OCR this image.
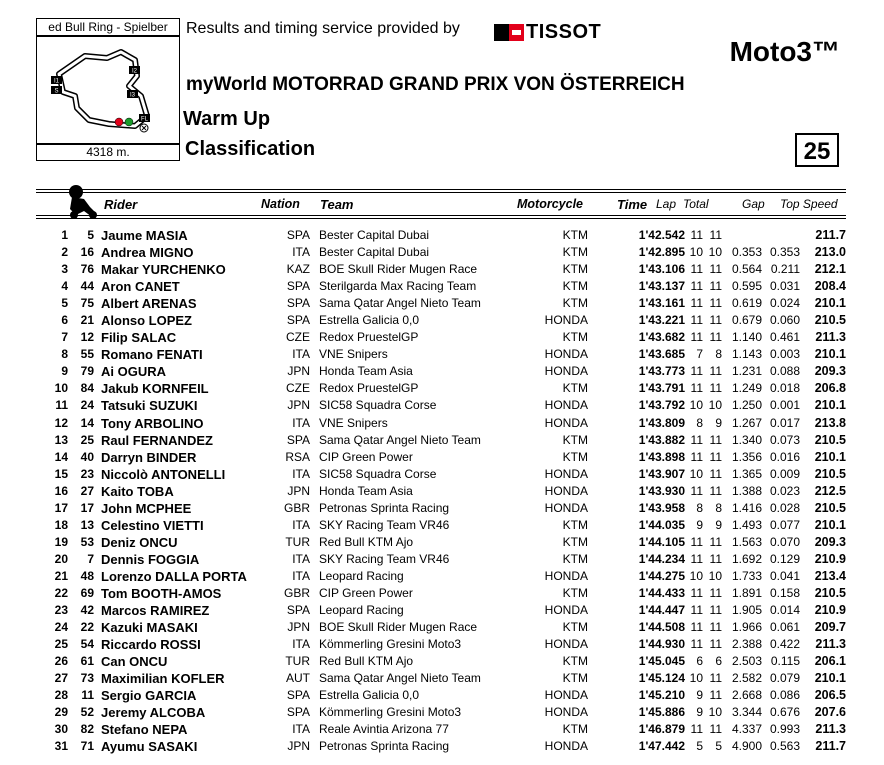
ed Bull Ring - Spielber
I1
S
I2
I3
FL
4318 m.
Results and timing service provided by	TISSOT
Moto3™
myWorld MOTORRAD GRAND PRIX VON ÖSTERREICH
Warm Up
Classification	25
Rider	Nation Team	Motorcycle	Time Lap Total	Gap Top Speed
1	5 Jaume MASIA	SPA Bester Capital Dubai	KTM	1'42.542 11 11	211.7
2	16 Andrea MIGNO	ITA Bester Capital Dubai	KTM	1'42.895 10 10 0.353 0.353	213.0
3	76 Makar YURCHENKO	KAZ BOE Skull Rider Mugen Race	KTM	1'43.106 11 11 0.564 0.211	212.1
4	44 Aron CANET	SPA Sterilgarda Max Racing Team	KTM	1'43.137 11 11 0.595 0.031	208.4
5	75 Albert ARENAS	SPA Sama Qatar Angel Nieto Team	KTM	1'43.161 11 11 0.619 0.024	210.1
6	21 Alonso LOPEZ	SPA Estrella Galicia 0,0	HONDA	1'43.221 11 11 0.679 0.060	210.5
7	12 Filip SALAC	CZE Redox PruestelGP	KTM	1'43.682 11 11 1.140 0.461	211.3
8	55 Romano FENATI	ITA VNE Snipers	HONDA	1'43.685 7	8 1.143 0.003	210.1
9	79 Ai OGURA	JPN Honda Team Asia	HONDA	1'43.773 11 11 1.231 0.088	209.3
10	84 Jakub KORNFEIL	CZE Redox PruestelGP	KTM	1'43.791 11 11 1.249 0.018	206.8
11	24 Tatsuki SUZUKI	JPN SIC58 Squadra Corse	HONDA	1'43.792 10 10 1.250 0.001	210.1
12	14 Tony ARBOLINO	ITA VNE Snipers	HONDA	1'43.809 8	9 1.267 0.017	213.8
13	25 Raul FERNANDEZ	SPA Sama Qatar Angel Nieto Team	KTM	1'43.882 11 11 1.340 0.073	210.5
14	40 Darryn BINDER	RSA CIP Green Power	KTM	1'43.898 11 11 1.356 0.016	210.1
15	23 Niccolò ANTONELLI	ITA SIC58 Squadra Corse	HONDA	1'43.907 10 11 1.365 0.009	210.5
16	27 Kaito TOBA	JPN Honda Team Asia	HONDA	1'43.930 11 11 1.388 0.023	212.5
17	17 John MCPHEE	GBR Petronas Sprinta Racing	HONDA	1'43.958 8	8 1.416 0.028	210.5
18	13 Celestino VIETTI	ITA SKY Racing Team VR46	KTM	1'44.035 9	9 1.493 0.077	210.1
19	53 Deniz ONCU	TUR Red Bull KTM Ajo	KTM	1'44.105 11 11 1.563 0.070	209.3
20	7 Dennis FOGGIA	ITA SKY Racing Team VR46	KTM	1'44.234 11 11 1.692 0.129	210.9
21	48 Lorenzo DALLA PORTA	ITA Leopard Racing	HONDA	1'44.275 10 10 1.733 0.041	213.4
22	69 Tom BOOTH-AMOS	GBR CIP Green Power	KTM	1'44.433 11 11 1.891 0.158	210.5
23	42 Marcos RAMIREZ	SPA Leopard Racing	HONDA	1'44.447 11 11 1.905 0.014	210.9
24	22 Kazuki MASAKI	JPN BOE Skull Rider Mugen Race	KTM	1'44.508 11 11 1.966 0.061	209.7
25	54 Riccardo ROSSI	ITA Kömmerling Gresini Moto3	HONDA	1'44.930 11 11 2.388 0.422	211.3
26	61 Can ONCU	TUR Red Bull KTM Ajo	KTM	1'45.045 6	6 2.503 0.115	206.1
27	73 Maximilian KOFLER	AUT Sama Qatar Angel Nieto Team	KTM	1'45.124 10 11 2.582 0.079	210.1
28	11 Sergio GARCIA	SPA Estrella Galicia 0,0	HONDA	1'45.210 9 11 2.668 0.086	206.5
29	52 Jeremy ALCOBA	SPA Kömmerling Gresini Moto3	HONDA	1'45.886 9 10 3.344 0.676	207.6
30	82 Stefano NEPA	ITA Reale Avintia Arizona 77	KTM	1'46.879 11 11 4.337 0.993	211.3
31	71 Ayumu SASAKI	JPN Petronas Sprinta Racing	HONDA	1'47.442 5	5 4.900 0.563	211.7
